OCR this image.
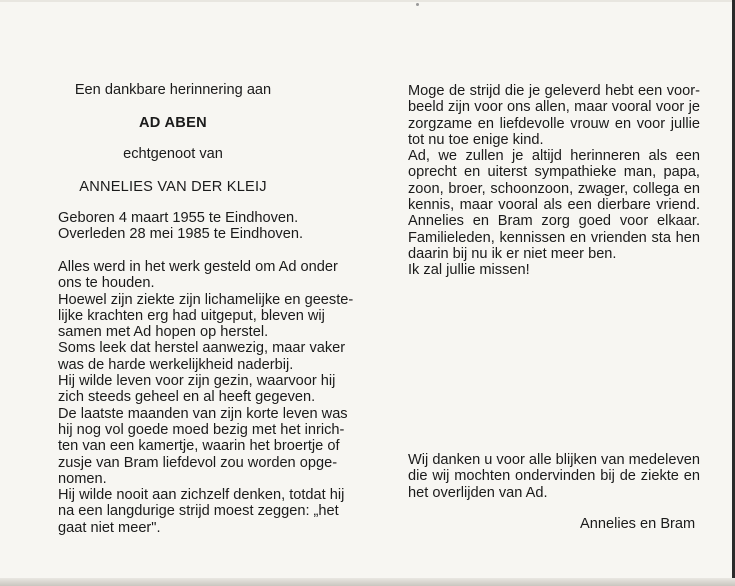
Een dankbare herinnering aan
AD ABEN
echtgenoot van
ANNELIES VAN DER KLEIJ
Geboren 4 maart 1955 te Eindhoven.
Overleden 28 mei 1985 te Eindhoven.
Alles werd in het werk gesteld om Ad onder
ons te houden.
Hoewel zijn ziekte zijn lichamelijke en geeste-
lijke krachten erg had uitgeput, bleven wij
samen met Ad hopen op herstel.
Soms leek dat herstel aanwezig, maar vaker
was de harde werkelijkheid naderbij.
Hij wilde leven voor zijn gezin, waarvoor hij
zich steeds geheel en al heeft gegeven.
De laatste maanden van zijn korte leven was
hij nog vol goede moed bezig met het inrich-
ten van een kamertje, waarin het broertje of
zusje van Bram liefdevol zou worden opge-
nomen.
Hij wilde nooit aan zichzelf denken, totdat hij
na een langdurige strijd moest zeggen: „het
gaat niet meer".
Moge de strijd die je geleverd hebt een voor-
beeld zijn voor ons allen, maar vooral voor je
zorgzame en liefdevolle vrouw en voor jullie
tot nu toe enige kind.
Ad, we zullen je altijd herinneren als een
oprecht en uiterst sympathieke man, papa,
zoon, broer, schoonzoon, zwager, collega en
kennis, maar vooral als een dierbare vriend.
Annelies en Bram zorg goed voor elkaar.
Familieleden, kennissen en vrienden sta hen
daarin bij nu ik er niet meer ben.
Ik zal jullie missen!
Wij danken u voor alle blijken van medeleven
die wij mochten ondervinden bij de ziekte en
het overlijden van Ad.
Annelies en Bram
